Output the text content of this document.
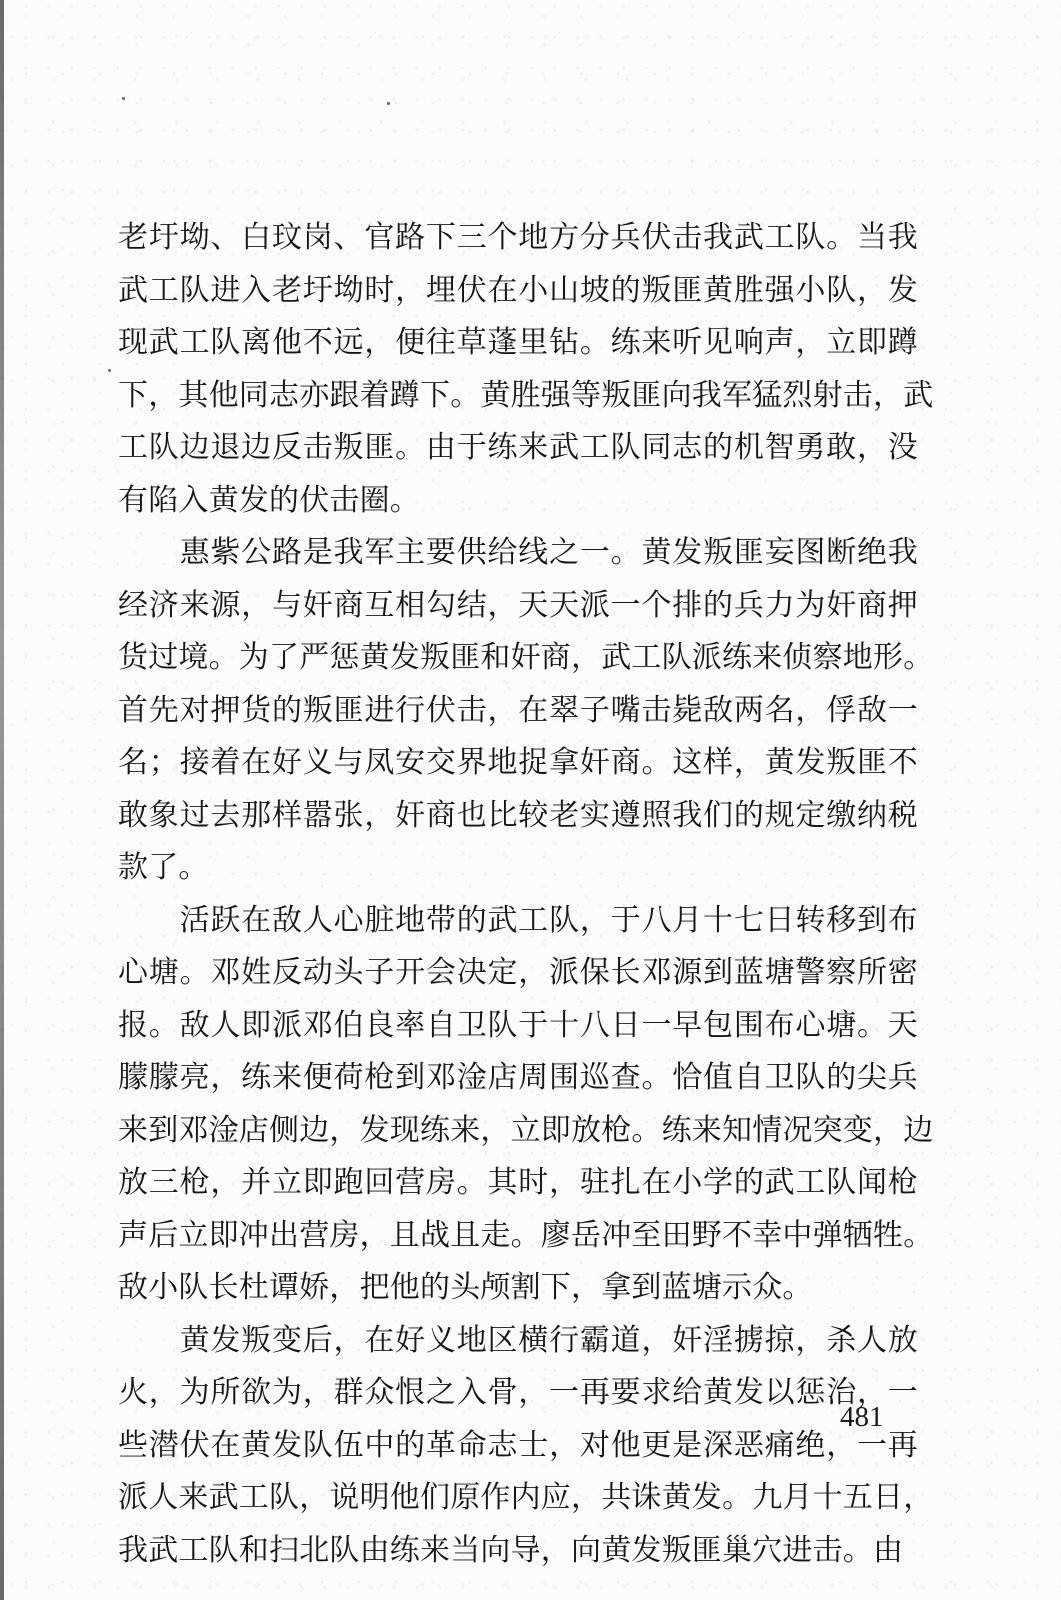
老圩坳、白玟岗、官路下三个地方分兵伏击我武工队。当我
武工队进入老圩坳时，埋伏在小山坡的叛匪黄胜强小队，发
现武工队离他不远，便往草蓬里钻。练来听见响声，立即蹲
下，其他同志亦跟着蹲下。黄胜强等叛匪向我军猛烈射击，武
工队边退边反击叛匪。由于练来武工队同志的机智勇敢，没
有陷入黄发的伏击圈。
　　惠紫公路是我军主要供给线之一。黄发叛匪妄图断绝我
经济来源，与奸商互相勾结，天天派一个排的兵力为奸商押
货过境。为了严惩黄发叛匪和奸商，武工队派练来侦察地形。
首先对押货的叛匪进行伏击，在翠子嘴击毙敌两名，俘敌一
名；接着在好义与凤安交界地捉拿奸商。这样，黄发叛匪不
敢象过去那样嚣张，奸商也比较老实遵照我们的规定缴纳税
款了。
　　活跃在敌人心脏地带的武工队，于八月十七日转移到布
心塘。邓姓反动头子开会决定，派保长邓源到蓝塘警察所密
报。敌人即派邓伯良率自卫队于十八日一早包围布心塘。天
朦朦亮，练来便荷枪到邓淦店周围巡查。恰值自卫队的尖兵
来到邓淦店侧边，发现练来，立即放枪。练来知情况突变，边
放三枪，并立即跑回营房。其时，驻扎在小学的武工队闻枪
声后立即冲出营房，且战且走。廖岳冲至田野不幸中弹牺牲。
敌小队长杜谭娇，把他的头颅割下，拿到蓝塘示众。
　　黄发叛变后，在好义地区横行霸道，奸淫掳掠，杀人放
火，为所欲为，群众恨之入骨，一再要求给黄发以惩治，一
些潜伏在黄发队伍中的革命志士，对他更是深恶痛绝，一再
派人来武工队，说明他们原作内应，共诛黄发。九月十五日，
我武工队和扫北队由练来当向导，向黄发叛匪巢穴进击。由
481
